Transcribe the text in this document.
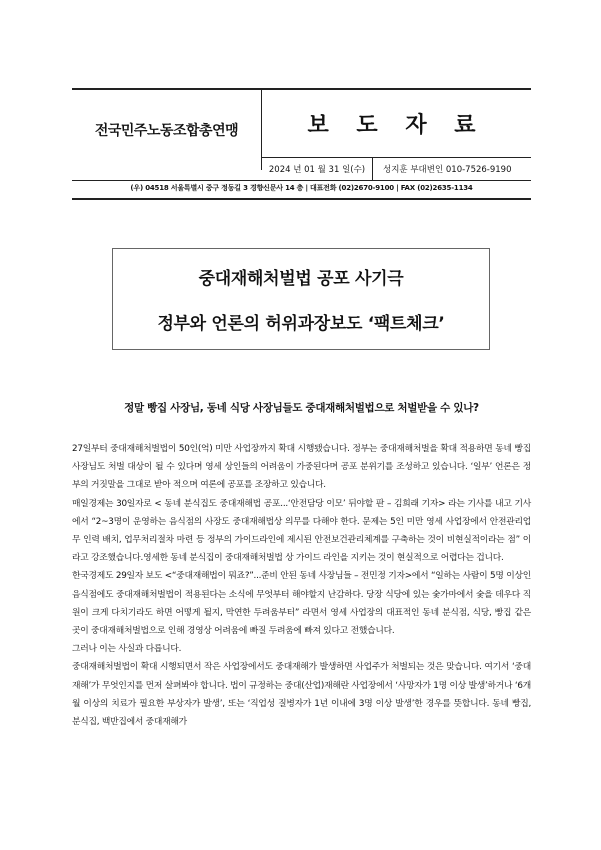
전국민주노동조합총연맹	보 도 자 료
2024 년 01 월 31 일(수)	성지훈 부대변인 010-7526-9190
(우) 04518 서울특별시 중구 정동길 3 경향신문사 14 층 | 대표전화 (02)2670-9100 | FAX (02)2635-1134
중대재해처벌법 공포 사기극
정부와 언론의 허위과장보도 ‘팩트체크’
정말 빵집 사장님, 동네 식당 사장님들도 중대재해처벌법으로 처벌받을 수 있나?

27일부터 중대재해처벌법이 50인(억) 미만 사업장까지 확대 시행됐습니다. 정부는 중대재해처벌을 확대 적용하면 동네 빵집 사장님도 처벌 대상이 될 수 있다며 영세 상인들의 어려움이 가중된다며 공포 분위기를 조성하고 있습니다. ‘일부’ 언론은 정부의 거짓말을 그대로 받아 적으며 여론에 공포를 조장하고 있습니다.

매일경제는 30일자로 < 동네 분식집도 중대재해법 공포...‘안전담당 이모’ 뒤야할 판 – 김희래 기자> 라는 기사를 내고 기사에서 “2~3명이 운영하는 음식점의 사장도 중대재해법상 의무를 다해야 한다. 문제는 5인 미만 영세 사업장에서 안전관리업무 인력 배치, 업무처리절차 마련 등 정부의 가이드라인에 제시된 안전보건관리체계를 구축하는 것이 비현실적이라는 점” 이라고 강조했습니다.영세한 동네 분식집이 중대재해처벌법 상 가이드 라인을 지키는 것이 현실적으로 어렵다는 겁니다.

한국경제도 29일자 보도 <“중대재해법이 뭐죠?”...준비 안된 동네 사장님들 – 전민정 기자>에서 “일하는 사람이 5명 이상인 음식점에도 중대재해처벌법이 적용된다는 소식에 무엇부터 해야할지 난감하다. 당장 식당에 있는 숯가마에서 숯을 데우다 직원이 크게 다치기라도 하면 어떻게 될지, 막연한 두려움부터” 라면서 영세 사업장의 대표적인 동네 분식점, 식당, 빵집 같은 곳이 중대재해처벌법으로 인해 경영상 어려움에 빠질 두려움에 빠져 있다고 전했습니다.

그러나 이는 사실과 다릅니다.

중대재해처벌법이 확대 시행되면서 작은 사업장에서도 중대재해가 발생하면 사업주가 처벌되는 것은 맞습니다. 여기서 ‘중대재해’가 무엇인지를 먼저 살펴봐야 합니다. 법이 규정하는 중대(산업)재해란 사업장에서 ‘사망자가 1명 이상 발생’하거나 ‘6개월 이상의 치료가 필요한 부상자가 발생’, 또는 ‘직업성 질병자가 1년 이내에 3명 이상 발생’한 경우를 뜻합니다. 동네 빵집, 분식집, 백반집에서 중대재해가
